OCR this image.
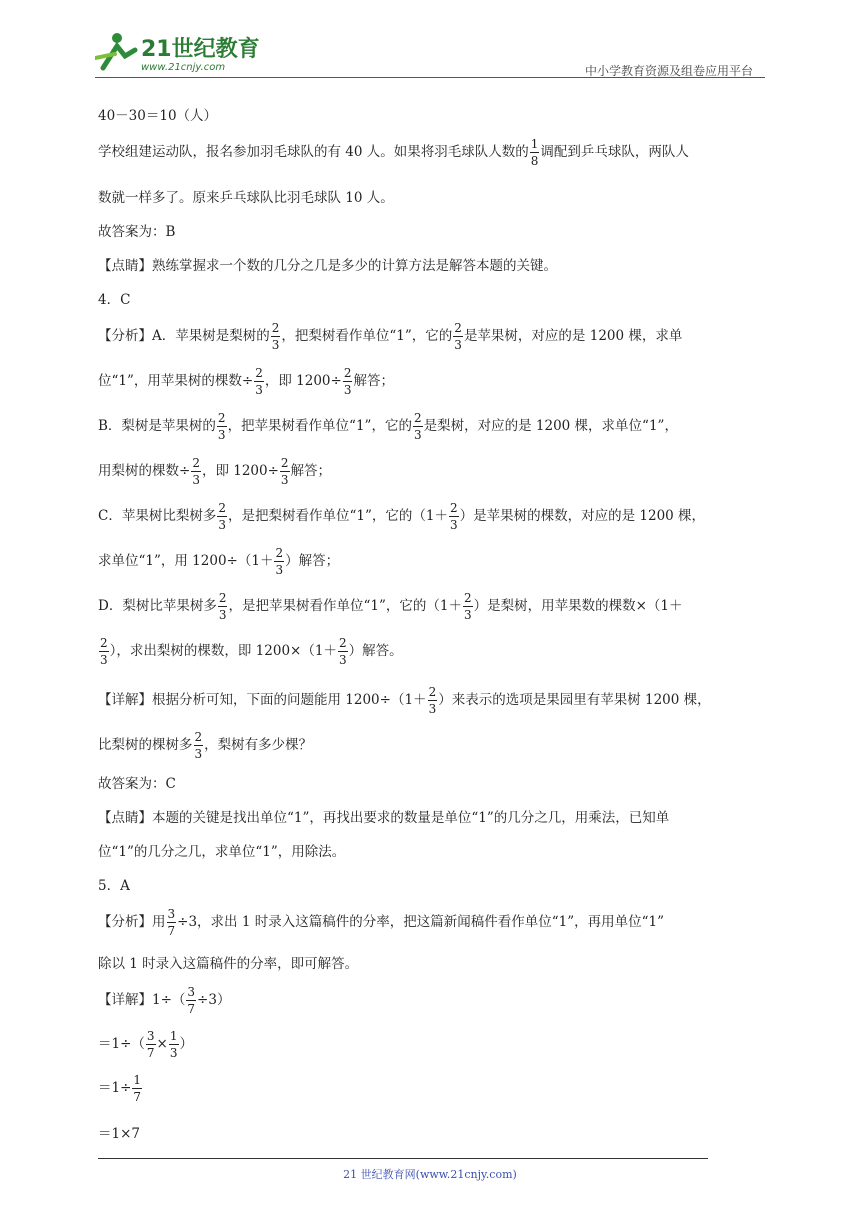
21世纪教育
www.21cnjy.com	中小学教育资源及组卷应用平台
40－30＝10（人）
学校组建运动队，报名参加羽毛球队的有 40 人。如果将羽毛球队人数的 $\frac{1}{8}$ 调配到乒乓球队，两队人
数就一样多了。原来乒乓球队比羽毛球队 10 人。
故答案为：B
【点睛】熟练掌握求一个数的几分之几是多少的计算方法是解答本题的关键。
4．C
【分析】A．苹果树是梨树的 $\frac{2}{3}$ ，把梨树看作单位“1”，它的 $\frac{2}{3}$ 是苹果树，对应的是 1200 棵，求单
位“1”，用苹果树的棵数÷ $\frac{2}{3}$ ，即 $1200\div \frac{2}{3}$ 解答；
B．梨树是苹果树的 $\frac{2}{3}$ ，把苹果树看作单位“1”，它的 $\frac{2}{3}$ 是梨树，对应的是 1200 棵，求单位“1”，
用梨树的棵数÷ $\frac{2}{3}$ ，即 $1200\div \frac{2}{3}$ 解答；
C．苹果树比梨树多 $\frac{2}{3}$ ，是把梨树看作单位“1”，它的（$1+ \frac{2}{3}$ ）是苹果树的棵数，对应的是 1200 棵，
求单位“1”，用 $1200\div(1+ \frac{2}{3}$ ）解答；
D．梨树比苹果树多 $\frac{2}{3}$ ，是把苹果树看作单位“1”，它的（$1+ \frac{2}{3}$ ）是梨树，用苹果数的棵数×（1＋
$\frac{2}{3}$ ），求出梨树的棵数，即 $1200\times(1+ \frac{2}{3}$ ）解答。
【详解】根据分析可知，下面的问题能用 $1200\div(1+ \frac{2}{3}$ ）来表示的选项是果园里有苹果树 1200 棵，
比梨树的棵树多 $\frac{2}{3}$ ，梨树有多少棵？
故答案为：C
【点睛】本题的关键是找出单位“1”，再找出要求的数量是单位“1”的几分之几，用乘法，已知单
位“1”的几分之几，求单位“1”，用除法。
5．A
【分析】用 $\frac{3}{7} \div 3$，求出 1 时录入这篇稿件的分率，把这篇新闻稿件看作单位“1”，再用单位“1”
除以 1 时录入这篇稿件的分率，即可解答。
【详解】$1\div( \frac{3}{7} \div 3)$
$=1\div( \frac{3}{7} \times \frac{1}{3}$ ）
$=1\div \frac{1}{7}$
＝1×7
21 世纪教育网(www.21cnjy.com)
